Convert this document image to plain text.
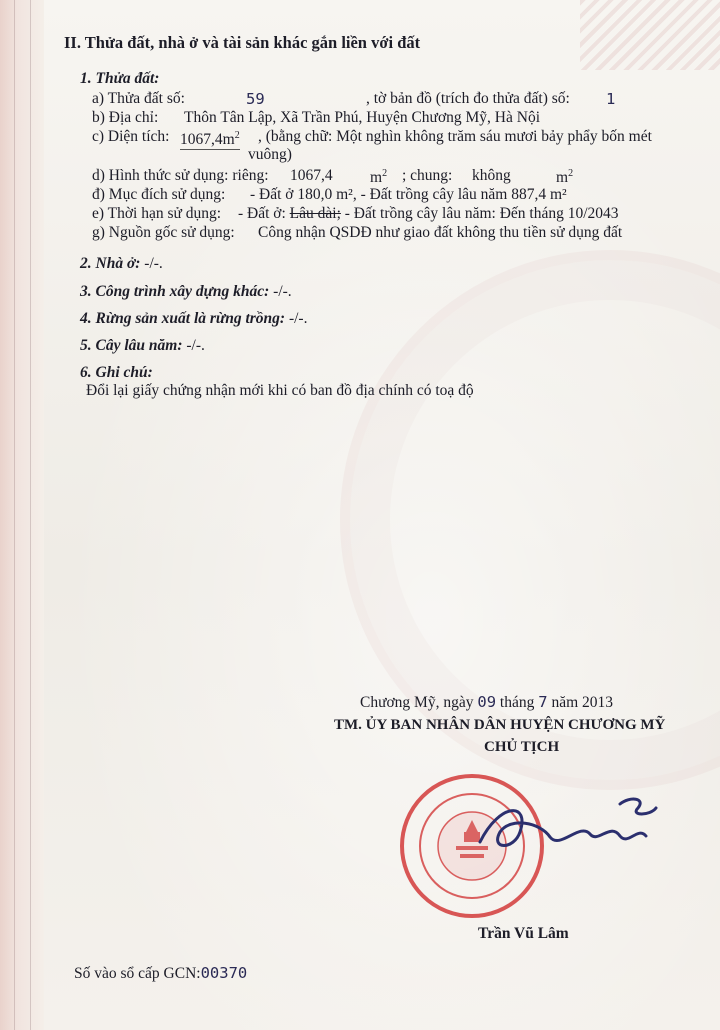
II. Thửa đất, nhà ở và tài sản khác gắn liền với đất
1. Thửa đất:
a) Thửa đất số:	59	, tờ bản đồ (trích đo thửa đất) số: 1
b) Địa chỉ: Thôn Tân Lập, Xã Trần Phú, Huyện Chương Mỹ, Hà Nội
c) Diện tích: $1067,4m^2$ , (bằng chữ: Một nghìn không trăm sáu mươi bảy phẩy bốn mét
vuông)
d) Hình thức sử dụng: riêng: 1067,4 $m^2$ ; chung: không	$m^2$
đ) Mục đích sử dụng: - Đất ở 180,0 m², - Đất trồng cây lâu năm 887,4 m²
e) Thời hạn sử dụng: - Đất ở: Lâu dài; - Đất trồng cây lâu năm: Đến tháng 10/2043
g) Nguồn gốc sử dụng: Công nhận QSDĐ như giao đất không thu tiền sử dụng đất
2. Nhà ở: -/-.
3. Công trình xây dựng khác: -/-.
4. Rừng sản xuất là rừng trồng: -/-.
5. Cây lâu năm: -/-.
6. Ghi chú:
Đổi lại giấy chứng nhận mới khi có ban đồ địa chính có toạ độ
Chương Mỹ, ngày 09 tháng 7 năm 2013
TM. ỦY BAN NHÂN DÂN HUYỆN CHƯƠNG MỸ
CHỦ TỊCH
Trần Vũ Lâm
Số vào sổ cấp GCN:00370
